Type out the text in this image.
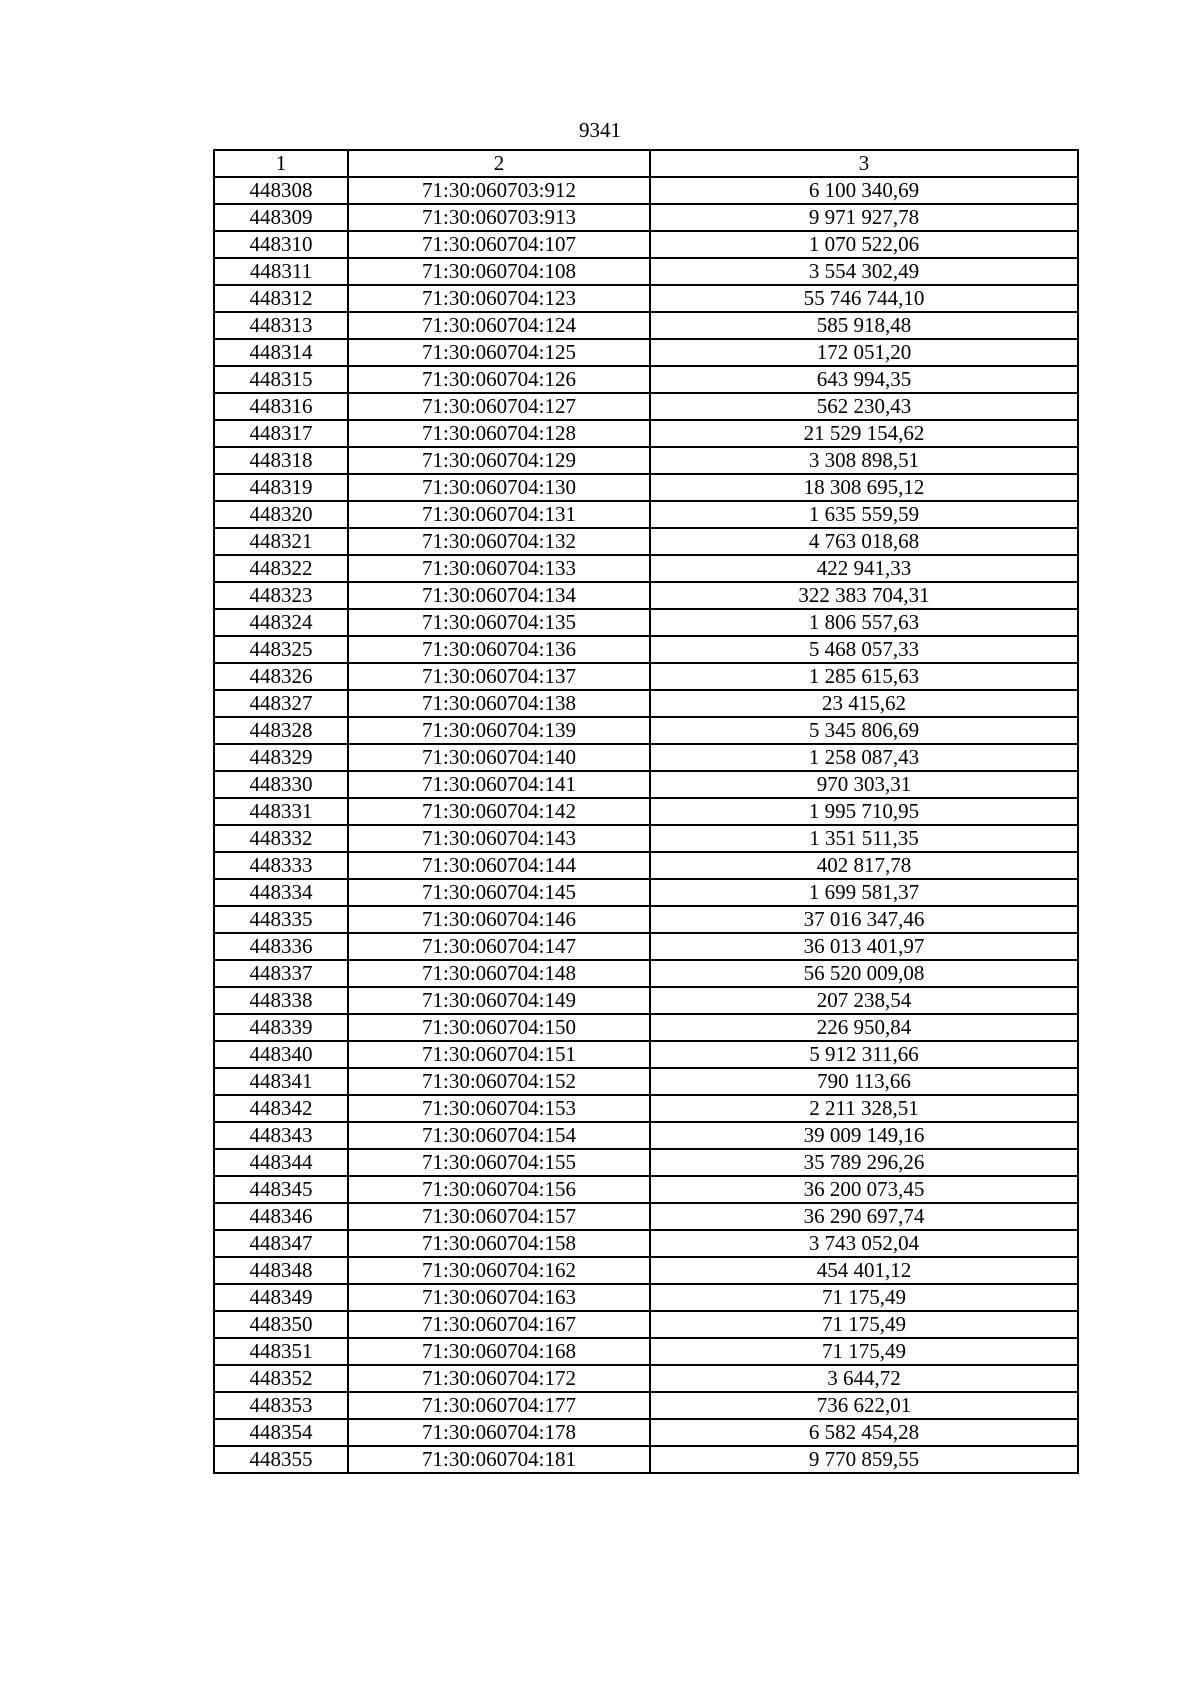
9341
1	2	3
448308	71:30:060703:912	6 100 340,69
448309	71:30:060703:913	9 971 927,78
448310	71:30:060704:107	1 070 522,06
448311	71:30:060704:108	3 554 302,49
448312	71:30:060704:123	55 746 744,10
448313	71:30:060704:124	585 918,48
448314	71:30:060704:125	172 051,20
448315	71:30:060704:126	643 994,35
448316	71:30:060704:127	562 230,43
448317	71:30:060704:128	21 529 154,62
448318	71:30:060704:129	3 308 898,51
448319	71:30:060704:130	18 308 695,12
448320	71:30:060704:131	1 635 559,59
448321	71:30:060704:132	4 763 018,68
448322	71:30:060704:133	422 941,33
448323	71:30:060704:134	322 383 704,31
448324	71:30:060704:135	1 806 557,63
448325	71:30:060704:136	5 468 057,33
448326	71:30:060704:137	1 285 615,63
448327	71:30:060704:138	23 415,62
448328	71:30:060704:139	5 345 806,69
448329	71:30:060704:140	1 258 087,43
448330	71:30:060704:141	970 303,31
448331	71:30:060704:142	1 995 710,95
448332	71:30:060704:143	1 351 511,35
448333	71:30:060704:144	402 817,78
448334	71:30:060704:145	1 699 581,37
448335	71:30:060704:146	37 016 347,46
448336	71:30:060704:147	36 013 401,97
448337	71:30:060704:148	56 520 009,08
448338	71:30:060704:149	207 238,54
448339	71:30:060704:150	226 950,84
448340	71:30:060704:151	5 912 311,66
448341	71:30:060704:152	790 113,66
448342	71:30:060704:153	2 211 328,51
448343	71:30:060704:154	39 009 149,16
448344	71:30:060704:155	35 789 296,26
448345	71:30:060704:156	36 200 073,45
448346	71:30:060704:157	36 290 697,74
448347	71:30:060704:158	3 743 052,04
448348	71:30:060704:162	454 401,12
448349	71:30:060704:163	71 175,49
448350	71:30:060704:167	71 175,49
448351	71:30:060704:168	71 175,49
448352	71:30:060704:172	3 644,72
448353	71:30:060704:177	736 622,01
448354	71:30:060704:178	6 582 454,28
448355	71:30:060704:181	9 770 859,55
